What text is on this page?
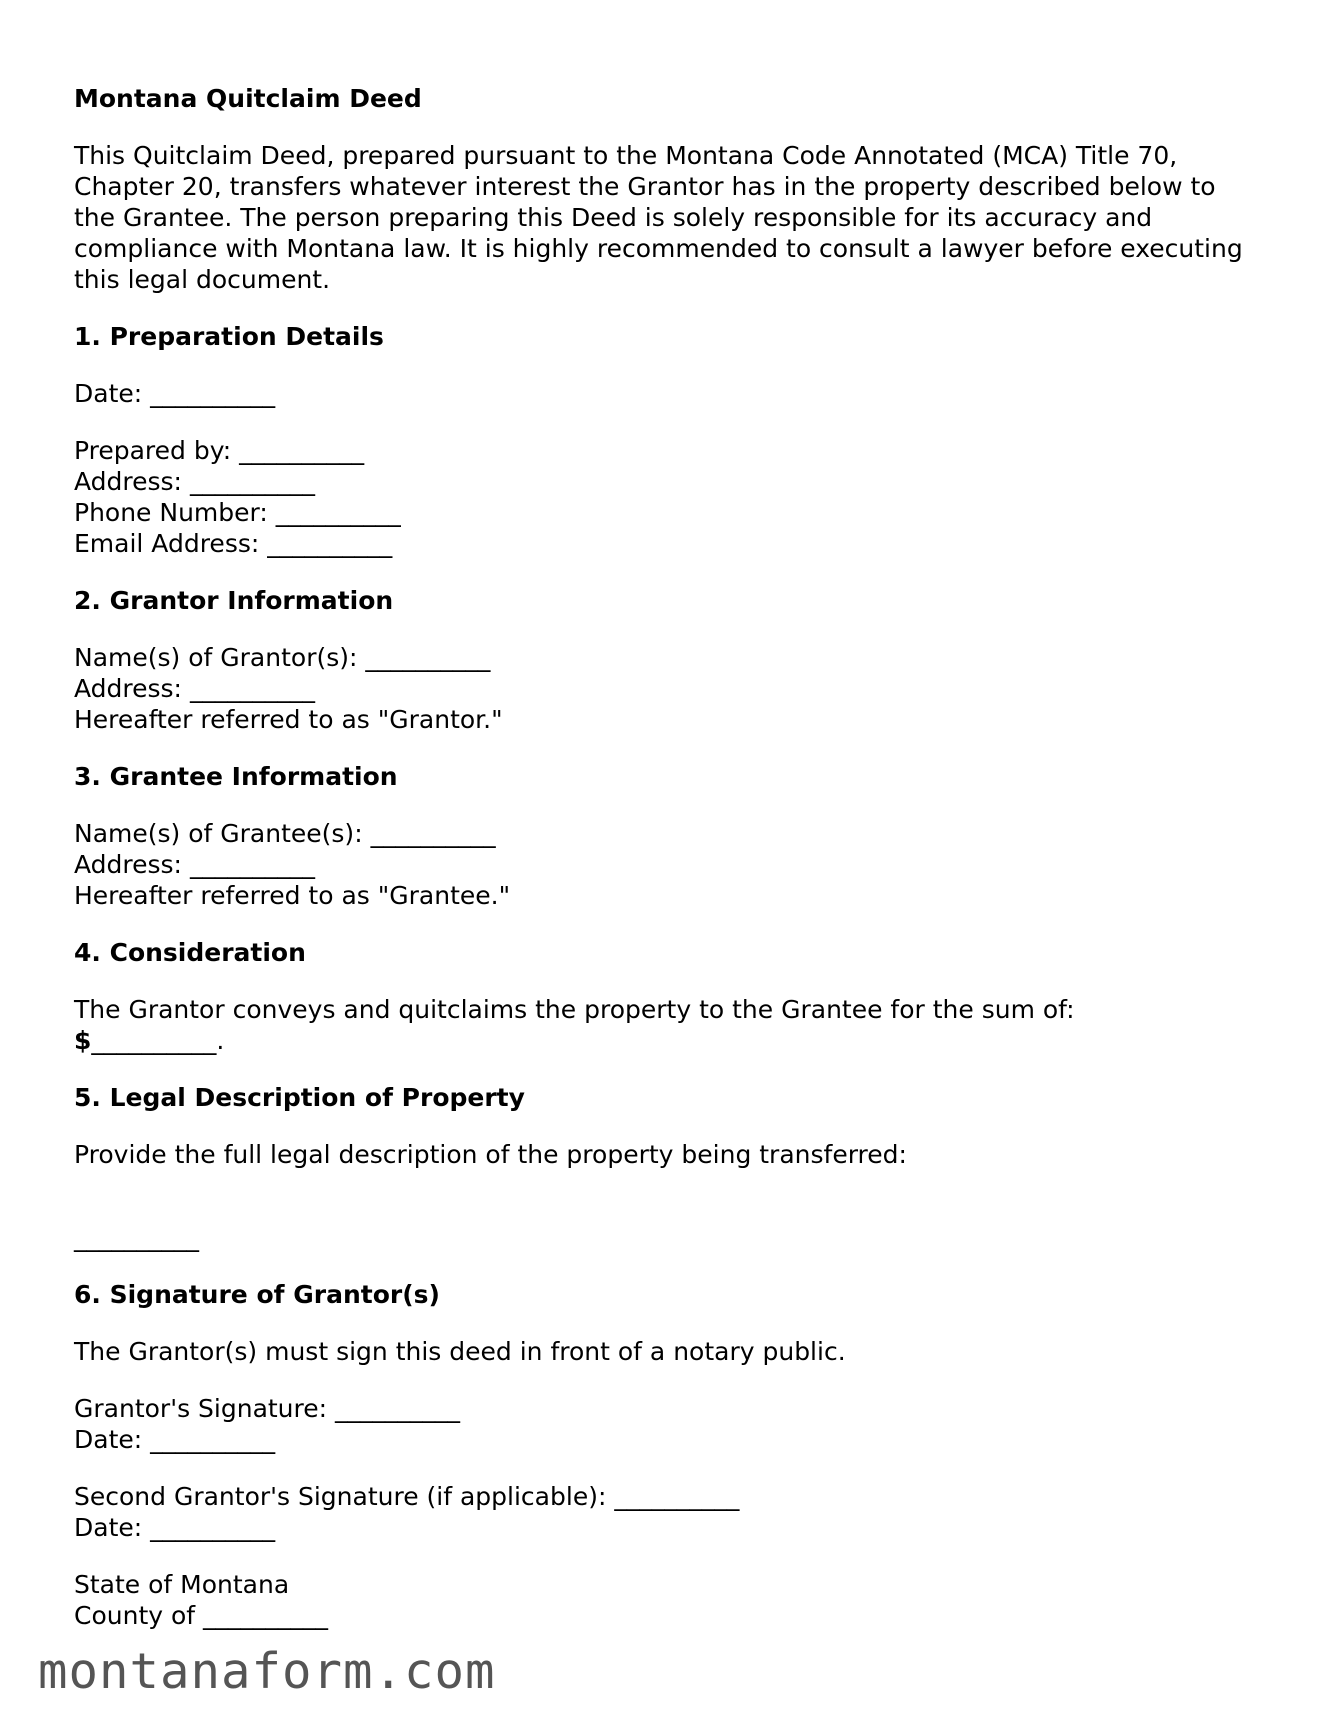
Montana Quitclaim Deed

This Quitclaim Deed, prepared pursuant to the Montana Code Annotated (MCA) Title 70, Chapter 20, transfers whatever interest the Grantor has in the property described below to the Grantee. The person preparing this Deed is solely responsible for its accuracy and compliance with Montana law. It is highly recommended to consult a lawyer before executing this legal document.

1. Preparation Details

Date: __________

Prepared by: __________
Address: __________
Phone Number: __________
Email Address: __________

2. Grantor Information

Name(s) of Grantor(s): __________
Address: __________
Hereafter referred to as "Grantor."

3. Grantee Information

Name(s) of Grantee(s): __________
Address: __________
Hereafter referred to as "Grantee."

4. Consideration

The Grantor conveys and quitclaims the property to the Grantee for the sum of:
$__________.

5. Legal Description of Property

Provide the full legal description of the property being transferred:

__________

6. Signature of Grantor(s)

The Grantor(s) must sign this deed in front of a notary public.

Grantor's Signature: __________
Date: __________

Second Grantor's Signature (if applicable): __________
Date: __________

State of Montana
County of __________

montanaform.com
